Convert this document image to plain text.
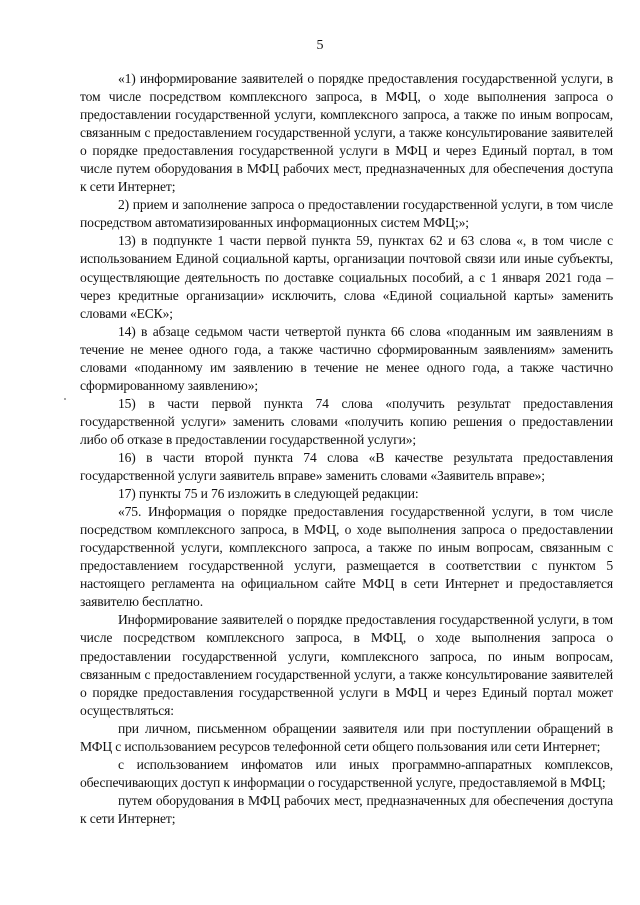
5

«1) информирование заявителей о порядке предоставления государственной услуги, в том числе посредством комплексного запроса, в МФЦ, о ходе выполнения запроса о предоставлении государственной услуги, комплексного запроса, а также по иным вопросам, связанным с предоставлением государственной услуги, а также консультирование заявителей о порядке предоставления государственной услуги в МФЦ и через Единый портал, в том числе путем оборудования в МФЦ рабочих мест, предназначенных для обеспечения доступа к сети Интернет;

2) прием и заполнение запроса о предоставлении государственной услуги, в том числе посредством автоматизированных информационных систем МФЦ;»;

13) в подпункте 1 части первой пункта 59, пунктах 62 и 63 слова «, в том числе с использованием Единой социальной карты, организации почтовой связи или иные субъекты, осуществляющие деятельность по доставке социальных пособий, а с 1 января 2021 года – через кредитные организации» исключить, слова «Единой социальной карты» заменить словами «ЕСК»;

14) в абзаце седьмом части четвертой пункта 66 слова «поданным им заявлениям в течение не менее одного года, а также частично сформированным заявлениям» заменить словами «поданному им заявлению в течение не менее одного года, а также частично сформированному заявлению»;

15) в части первой пункта 74 слова «получить результат предоставления государственной услуги» заменить словами «получить копию решения о предоставлении либо об отказе в предоставлении государственной услуги»;

16) в части второй пункта 74 слова «В качестве результата предоставления государственной услуги заявитель вправе» заменить словами «Заявитель вправе»;

17) пункты 75 и 76 изложить в следующей редакции:

«75. Информация о порядке предоставления государственной услуги, в том числе посредством комплексного запроса, в МФЦ, о ходе выполнения запроса о предоставлении государственной услуги, комплексного запроса, а также по иным вопросам, связанным с предоставлением государственной услуги, размещается в соответствии с пунктом 5 настоящего регламента на официальном сайте МФЦ в сети Интернет и предоставляется заявителю бесплатно.

Информирование заявителей о порядке предоставления государственной услуги, в том числе посредством комплексного запроса, в МФЦ, о ходе выполнения запроса о предоставлении государственной услуги, комплексного запроса, по иным вопросам, связанным с предоставлением государственной услуги, а также консультирование заявителей о порядке предоставления государственной услуги в МФЦ и через Единый портал может осуществляться:

при личном, письменном обращении заявителя или при поступлении обращений в МФЦ с использованием ресурсов телефонной сети общего пользования или сети Интернет;

с использованием инфоматов или иных программно-аппаратных комплексов, обеспечивающих доступ к информации о государственной услуге, предоставляемой в МФЦ;

путем оборудования в МФЦ рабочих мест, предназначенных для обеспечения доступа к сети Интернет;
